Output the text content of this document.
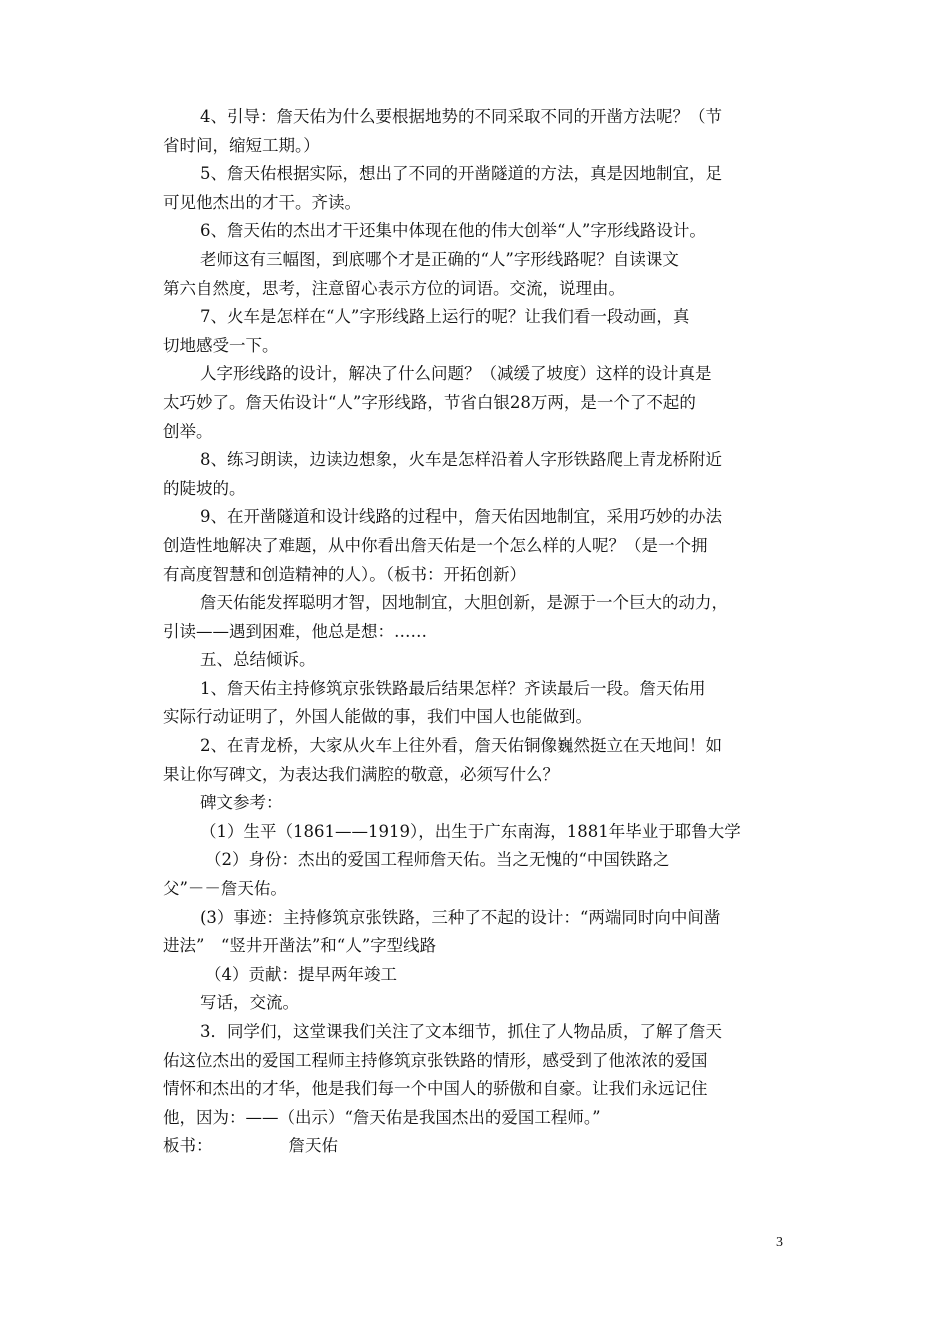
4、引导：詹天佑为什么要根据地势的不同采取不同的开凿方法呢？（节

省时间，缩短工期。）

5、詹天佑根据实际，想出了不同的开凿隧道的方法，真是因地制宜，足

可见他杰出的才干。齐读。

6、詹天佑的杰出才干还集中体现在他的伟大创举“人”字形线路设计。

老师这有三幅图，到底哪个才是正确的“人”字形线路呢？自读课文

第六自然度，思考，注意留心表示方位的词语。交流，说理由。

7、火车是怎样在“人”字形线路上运行的呢？让我们看一段动画，真

切地感受一下。

人字形线路的设计，解决了什么问题？（减缓了坡度）这样的设计真是

太巧妙了。詹天佑设计“人”字形线路，节省白银28万两，是一个了不起的

创举。

8、练习朗读，边读边想象，火车是怎样沿着人字形铁路爬上青龙桥附近

的陡坡的。

9、在开凿隧道和设计线路的过程中，詹天佑因地制宜，采用巧妙的办法

创造性地解决了难题，从中你看出詹天佑是一个怎么样的人呢？（是一个拥

有高度智慧和创造精神的人）。（板书：开拓创新）

詹天佑能发挥聪明才智，因地制宜，大胆创新，是源于一个巨大的动力，

引读——遇到困难，他总是想：……

五、总结倾诉。

1、詹天佑主持修筑京张铁路最后结果怎样？齐读最后一段。詹天佑用

实际行动证明了，外国人能做的事，我们中国人也能做到。

2、在青龙桥，大家从火车上往外看，詹天佑铜像巍然挺立在天地间！如

果让你写碑文，为表达我们满腔的敬意，必须写什么？

碑文参考：

（1）生平（1861——1919），出生于广东南海，1881年毕业于耶鲁大学

（2）身份：杰出的爱国工程师詹天佑。当之无愧的“中国铁路之

父”－－詹天佑。

(3）事迹：主持修筑京张铁路，三种了不起的设计：“两端同时向中间凿

进法”　“竖井开凿法”和“人”字型线路

（4）贡献：提早两年竣工

写话，交流。

3．同学们，这堂课我们关注了文本细节，抓住了人物品质，了解了詹天

佑这位杰出的爱国工程师主持修筑京张铁路的情形，感受到了他浓浓的爱国

情怀和杰出的才华，他是我们每一个中国人的骄傲和自豪。让我们永远记住

他，因为：——（出示）“詹天佑是我国杰出的爱国工程师。”

板书：	詹天佑

3
